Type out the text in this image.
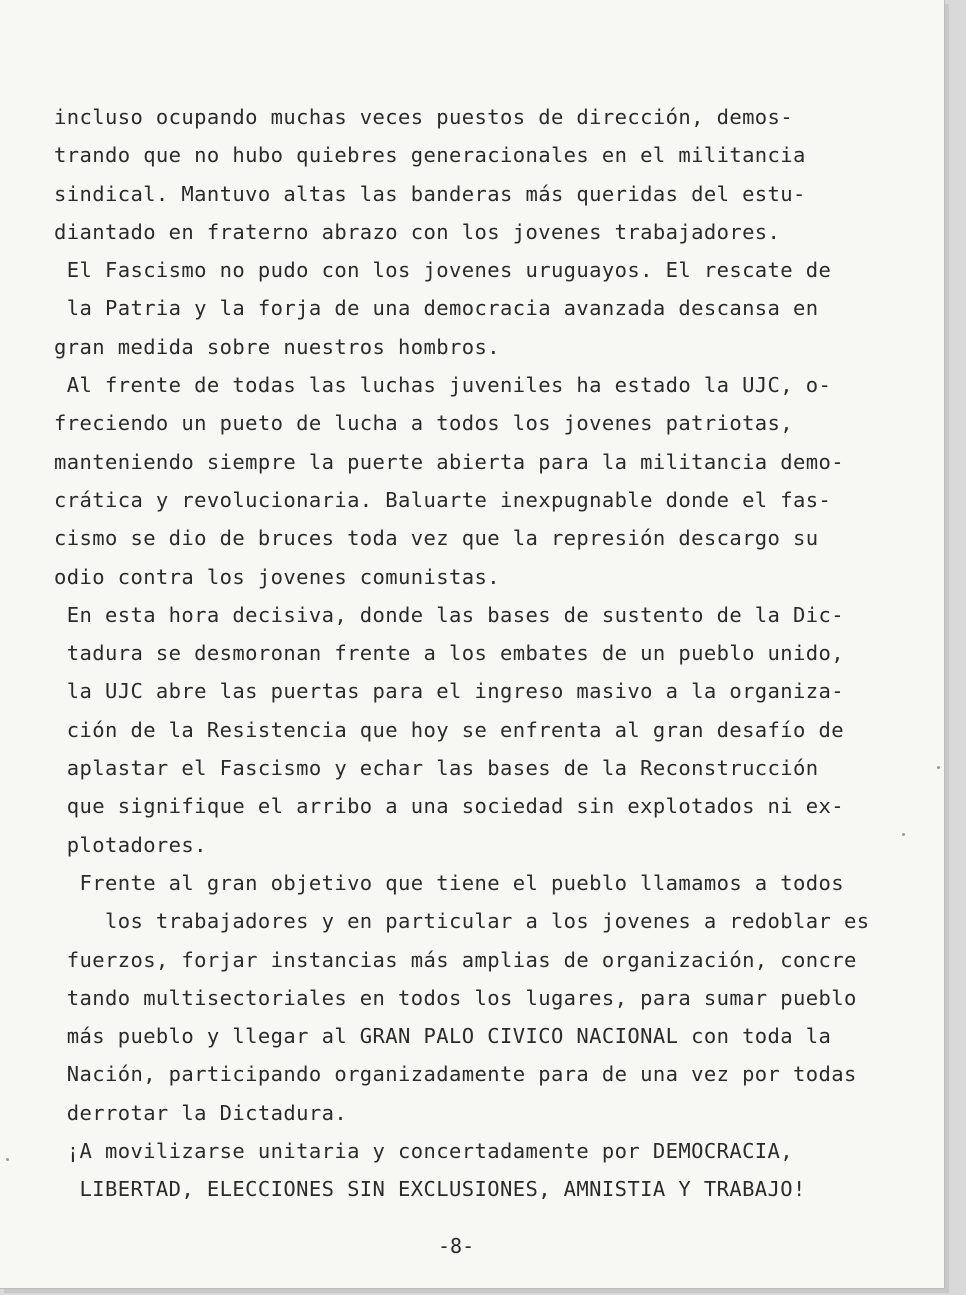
incluso ocupando muchas veces puestos de dirección, demos-
trando que no hubo quiebres generacionales en el militancia
sindical. Mantuvo altas las banderas más queridas del estu-
diantado en fraterno abrazo con los jovenes trabajadores.
El Fascismo no pudo con los jovenes uruguayos. El rescate de
la Patria y la forja de una democracia avanzada descansa en
gran medida sobre nuestros hombros.
Al frente de todas las luchas juveniles ha estado la UJC, o-
freciendo un pueto de lucha a todos los jovenes patriotas,
manteniendo siempre la puerte abierta para la militancia demo-
crática y revolucionaria. Baluarte inexpugnable donde el fas-
cismo se dio de bruces toda vez que la represión descargo su
odio contra los jovenes comunistas.
En esta hora decisiva, donde las bases de sustento de la Dic-
tadura se desmoronan frente a los embates de un pueblo unido,
la UJC abre las puertas para el ingreso masivo a la organiza-
ción de la Resistencia que hoy se enfrenta al gran desafío de
aplastar el Fascismo y echar las bases de la Reconstrucción
que signifique el arribo a una sociedad sin explotados ni ex-
plotadores.
Frente al gran objetivo que tiene el pueblo llamamos a todos
los trabajadores y en particular a los jovenes a redoblar es
fuerzos, forjar instancias más amplias de organización, concre
tando multisectoriales en todos los lugares, para sumar pueblo
más pueblo y llegar al GRAN PALO CIVICO NACIONAL con toda la
Nación, participando organizadamente para de una vez por todas
derrotar la Dictadura.
¡A movilizarse unitaria y concertadamente por DEMOCRACIA,
LIBERTAD, ELECCIONES SIN EXCLUSIONES, AMNISTIA Y TRABAJO!
-8-
